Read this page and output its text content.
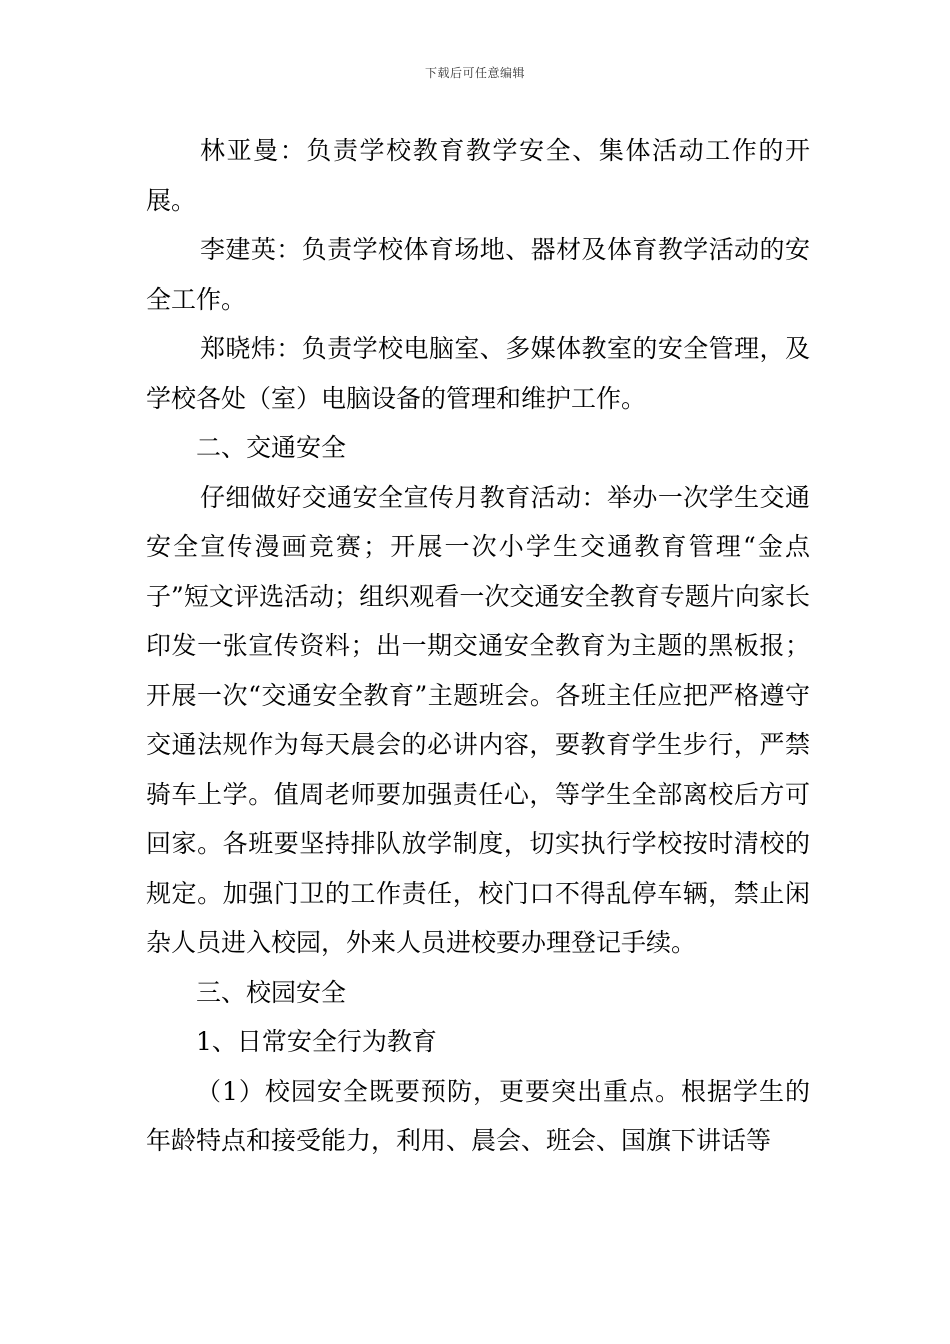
下载后可任意编辑

林亚曼：负责学校教育教学安全、集体活动工作的开展。

李建英：负责学校体育场地、器材及体育教学活动的安全工作。

郑晓炜：负责学校电脑室、多媒体教室的安全管理，及学校各处（室）电脑设备的管理和维护工作。

二、交通安全

仔细做好交通安全宣传月教育活动：举办一次学生交通安全宣传漫画竞赛；开展一次小学生交通教育管理“金点子”短文评选活动；组织观看一次交通安全教育专题片向家长印发一张宣传资料；出一期交通安全教育为主题的黑板报；开展一次“交通安全教育”主题班会。各班主任应把严格遵守交通法规作为每天晨会的必讲内容，要教育学生步行，严禁骑车上学。值周老师要加强责任心，等学生全部离校后方可回家。各班要坚持排队放学制度，切实执行学校按时清校的规定。加强门卫的工作责任，校门口不得乱停车辆，禁止闲杂人员进入校园，外来人员进校要办理登记手续。

三、校园安全

1、日常安全行为教育

（1）校园安全既要预防，更要突出重点。根据学生的年龄特点和接受能力，利用、晨会、班会、国旗下讲话等
